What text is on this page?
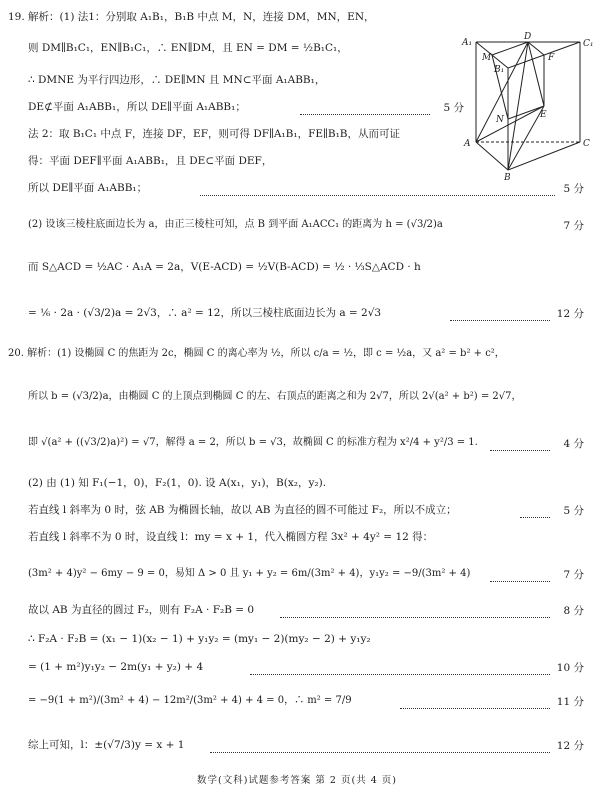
19. 解析：(1) 法1：分别取 A₁B₁，B₁B 中点 M，N，连接 DM，MN，EN，
则 DM∥B₁C₁，EN∥B₁C₁，∴ EN∥DM，且 EN = DM = ½B₁C₁，
∴ DMNE 为平行四边形，∴ DE∥MN 且 MN⊂平面 A₁ABB₁，
DE⊄平面 A₁ABB₁，所以 DE∥平面 A₁ABB₁；	5 分
法 2：取 B₁C₁ 中点 F，连接 DF，EF，则可得 DF∥A₁B₁，FE∥B₁B，从而可证
得：平面 DEF∥平面 A₁ABB₁，且 DE⊂平面 DEF，
所以 DE∥平面 A₁ABB₁；	5 分
A₁
D
C₁
M
B₁
F
N	E
A	C
B
(2) 设该三棱柱底面边长为 a，由正三棱柱可知，点 B 到平面 A₁ACC₁ 的距离为 h = (√3/2)a	7 分
而 S△ACD = ½AC · A₁A = 2a，V(E-ACD) = ½V(B-ACD) = ½ · ⅓S△ACD · h
= ⅙ · 2a · (√3/2)a = 2√3，∴ a² = 12，所以三棱柱底面边长为 a = 2√3	12 分
20. 解析：(1) 设椭圆 C 的焦距为 2c，椭圆 C 的离心率为 ½，所以 c/a = ½，即 c = ½a，又 a² = b² + c²，
所以 b = (√3/2)a，由椭圆 C 的上顶点到椭圆 C 的左、右顶点的距离之和为 2√7，所以 2√(a² + b²) = 2√7，
即 √(a² + ((√3/2)a)²) = √7，解得 a = 2，所以 b = √3，故椭圆 C 的标准方程为 x²/4 + y²/3 = 1.	4 分
(2) 由 (1) 知 F₁(−1，0)，F₂(1，0). 设 A(x₁，y₁)，B(x₂，y₂).
若直线 l 斜率为 0 时，弦 AB 为椭圆长轴，故以 AB 为直径的圆不可能过 F₂，所以不成立；	5 分
若直线 l 斜率不为 0 时，设直线 l：my = x + 1，代入椭圆方程 3x² + 4y² = 12 得：
(3m² + 4)y² − 6my − 9 = 0，易知 Δ > 0 且 y₁ + y₂ = 6m/(3m² + 4)，y₁y₂ = −9/(3m² + 4)	7 分
故以 AB 为直径的圆过 F₂，则有 F₂A · F₂B = 0	8 分
∴ F₂A · F₂B = (x₁ − 1)(x₂ − 1) + y₁y₂ = (my₁ − 2)(my₂ − 2) + y₁y₂
= (1 + m²)y₁y₂ − 2m(y₁ + y₂) + 4	10 分
= −9(1 + m²)/(3m² + 4) − 12m²/(3m² + 4) + 4 = 0，∴ m² = 7/9	11 分
综上可知，l：±(√7/3)y = x + 1	12 分
数学(文科)试题参考答案 第 2 页(共 4 页)
